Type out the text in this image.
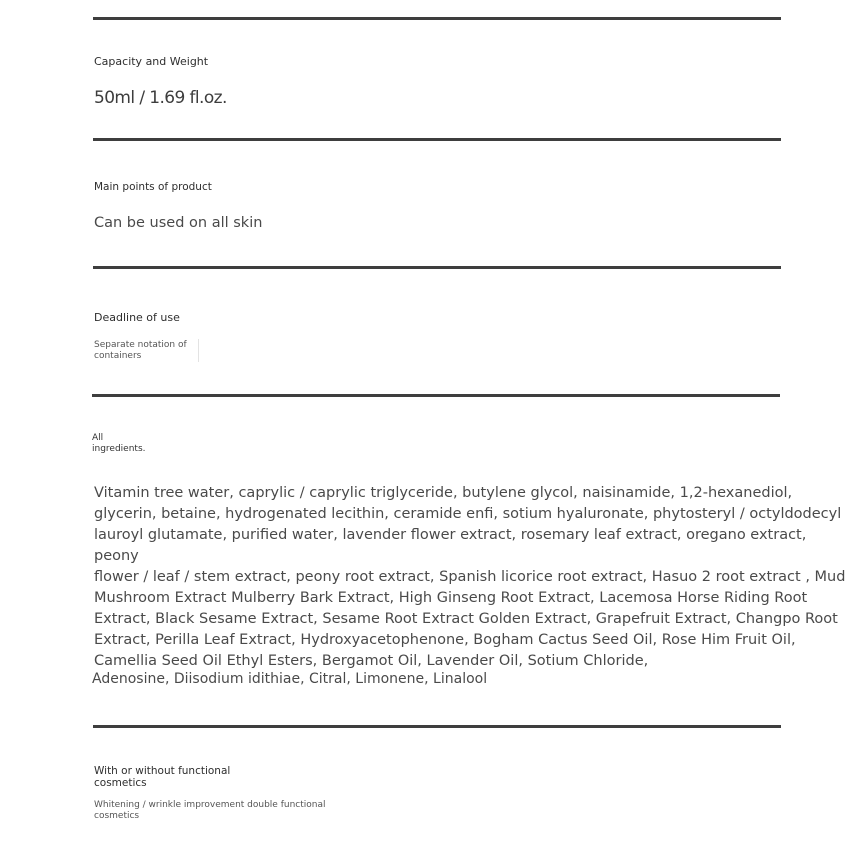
Capacity and Weight
50ml / 1.69 fl.oz.
Main points of product
Can be used on all skin
Deadline of use
Separate notation of
containers
All
ingredients.
Vitamin tree water, caprylic / caprylic triglyceride, butylene glycol, naisinamide, 1,2-hexanediol,
glycerin, betaine, hydrogenated lecithin, ceramide enfi, sotium hyaluronate, phytosteryl / octyldodecyl
lauroyl glutamate, purified water, lavender flower extract, rosemary leaf extract, oregano extract, peony
flower / leaf / stem extract, peony root extract, Spanish licorice root extract, Hasuo 2 root extract , Mud
Mushroom Extract Mulberry Bark Extract, High Ginseng Root Extract, Lacemosa Horse Riding Root
Extract, Black Sesame Extract, Sesame Root Extract Golden Extract, Grapefruit Extract, Changpo Root
Extract, Perilla Leaf Extract, Hydroxyacetophenone, Bogham Cactus Seed Oil, Rose Him Fruit Oil,
Camellia Seed Oil Ethyl Esters, Bergamot Oil, Lavender Oil, Sotium Chloride,
Adenosine, Diisodium idithiae, Citral, Limonene, Linalool
With or without functional
cosmetics
Whitening / wrinkle improvement double functional
cosmetics
